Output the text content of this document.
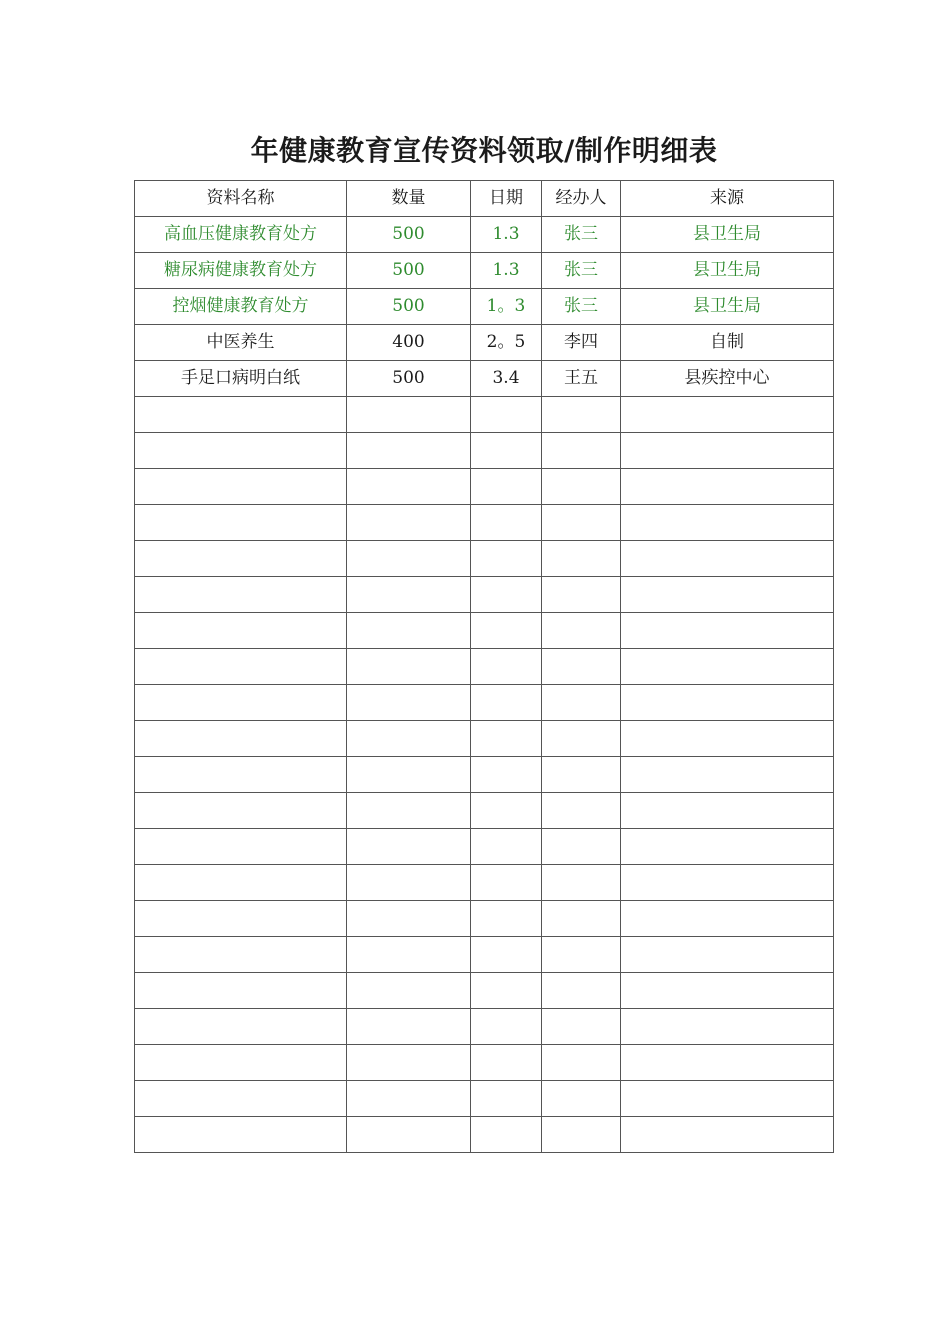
年健康教育宣传资料领取/制作明细表
资料名称	数量	日期	经办人	来源
高血压健康教育处方	500	1.3	张三	县卫生局
糖尿病健康教育处方	500	1.3	张三	县卫生局
控烟健康教育处方	500	1。3	张三	县卫生局
中医养生	400	2。5	李四	自制
手足口病明白纸	500	3.4	王五	县疾控中心
